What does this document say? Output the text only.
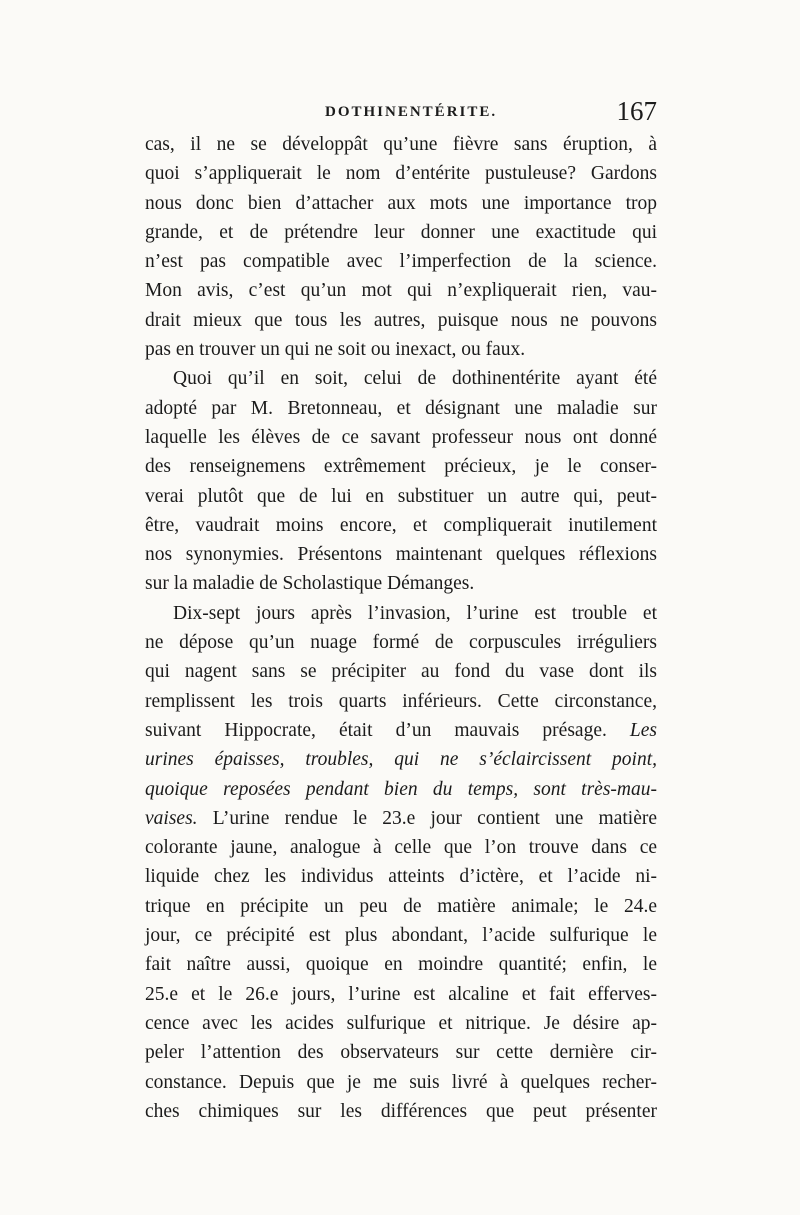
DOTHINENTÉRITE.	167
cas, il ne se développât qu’une fièvre sans éruption, à
quoi s’appliquerait le nom d’entérite pustuleuse? Gardons
nous donc bien d’attacher aux mots une importance trop
grande, et de prétendre leur donner une exactitude qui
n’est pas compatible avec l’imperfection de la science.
Mon avis, c’est qu’un mot qui n’expliquerait rien, vau-
drait mieux que tous les autres, puisque nous ne pouvons
pas en trouver un qui ne soit ou inexact, ou faux.
Quoi qu’il en soit, celui de dothinentérite ayant été
adopté par M. Bretonneau, et désignant une maladie sur
laquelle les élèves de ce savant professeur nous ont donné
des renseignemens extrêmement précieux, je le conser-
verai plutôt que de lui en substituer un autre qui, peut-
être, vaudrait moins encore, et compliquerait inutilement
nos synonymies. Présentons maintenant quelques réflexions
sur la maladie de Scholastique Démanges.
Dix-sept jours après l’invasion, l’urine est trouble et
ne dépose qu’un nuage formé de corpuscules irréguliers
qui nagent sans se précipiter au fond du vase dont ils
remplissent les trois quarts inférieurs. Cette circonstance,
suivant Hippocrate, était d’un mauvais présage. Les
urines épaisses, troubles, qui ne s’éclaircissent point,
quoique reposées pendant bien du temps, sont très-mau-
vaises. L’urine rendue le 23.e jour contient une matière
colorante jaune, analogue à celle que l’on trouve dans ce
liquide chez les individus atteints d’ictère, et l’acide ni-
trique en précipite un peu de matière animale; le 24.e
jour, ce précipité est plus abondant, l’acide sulfurique le
fait naître aussi, quoique en moindre quantité; enfin, le
25.e et le 26.e jours, l’urine est alcaline et fait efferves-
cence avec les acides sulfurique et nitrique. Je désire ap-
peler l’attention des observateurs sur cette dernière cir-
constance. Depuis que je me suis livré à quelques recher-
ches chimiques sur les différences que peut présenter
